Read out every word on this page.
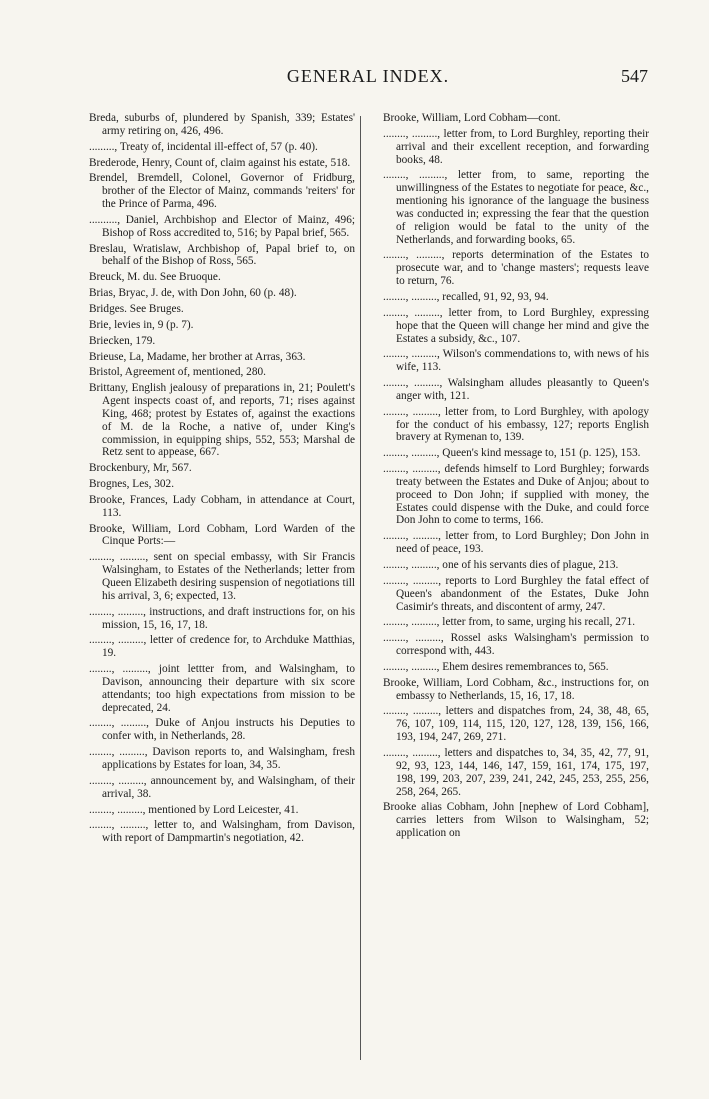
GENERAL INDEX.	547

Breda, suburbs of, plundered by Spanish, 339; Estates' army retiring on, 426, 496.

........., Treaty of, incidental ill-effect of, 57 (p. 40).

Brederode, Henry, Count of, claim against his estate, 518.

Brendel, Bremdell, Colonel, Governor of Fridburg, brother of the Elector of Mainz, commands 'reiters' for the Prince of Parma, 496.

.........., Daniel, Archbishop and Elector of Mainz, 496; Bishop of Ross accredited to, 516; by Papal brief, 565.

Breslau, Wratislaw, Archbishop of, Papal brief to, on behalf of the Bishop of Ross, 565.

Breuck, M. du. See Bruoque.

Brias, Bryac, J. de, with Don John, 60 (p. 48).

Bridges. See Bruges.

Brie, levies in, 9 (p. 7).

Briecken, 179.

Brieuse, La, Madame, her brother at Arras, 363.

Bristol, Agreement of, mentioned, 280.

Brittany, English jealousy of preparations in, 21; Poulett's Agent inspects coast of, and reports, 71; rises against King, 468; protest by Estates of, against the exactions of M. de la Roche, a native of, under King's commission, in equipping ships, 552, 553; Marshal de Retz sent to appease, 667.

Brockenbury, Mr, 567.

Brognes, Les, 302.

Brooke, Frances, Lady Cobham, in attendance at Court, 113.

Brooke, William, Lord Cobham, Lord Warden of the Cinque Ports:—

........, ........., sent on special embassy, with Sir Francis Walsingham, to Estates of the Netherlands; letter from Queen Elizabeth desiring suspension of negotiations till his arrival, 3, 6; expected, 13.

........, ........., instructions, and draft instructions for, on his mission, 15, 16, 17, 18.

........, ........., letter of credence for, to Archduke Matthias, 19.

........, ........., joint lettter from, and Walsingham, to Davison, announcing their departure with six score attendants; too high expectations from mission to be deprecated, 24.

........, ........., Duke of Anjou instructs his Deputies to confer with, in Netherlands, 28.

........, ........., Davison reports to, and Walsingham, fresh applications by Estates for loan, 34, 35.

........, ........., announcement by, and Walsingham, of their arrival, 38.

........, ........., mentioned by Lord Leicester, 41.

........, ........., letter to, and Walsingham, from Davison, with report of Dampmartin's negotiation, 42.

Brooke, William, Lord Cobham—cont.

........, ........., letter from, to Lord Burghley, reporting their arrival and their excellent reception, and forwarding books, 48.

........, ........., letter from, to same, reporting the unwillingness of the Estates to negotiate for peace, &c., mentioning his ignorance of the language the business was conducted in; expressing the fear that the question of religion would be fatal to the unity of the Netherlands, and forwarding books, 65.

........, ........., reports determination of the Estates to prosecute war, and to 'change masters'; requests leave to return, 76.

........, ........., recalled, 91, 92, 93, 94.

........, ........., letter from, to Lord Burghley, expressing hope that the Queen will change her mind and give the Estates a subsidy, &c., 107.

........, ........., Wilson's commendations to, with news of his wife, 113.

........, ........., Walsingham alludes pleasantly to Queen's anger with, 121.

........, ........., letter from, to Lord Burghley, with apology for the conduct of his embassy, 127; reports English bravery at Rymenan to, 139.

........, ........., Queen's kind message to, 151 (p. 125), 153.

........, ........., defends himself to Lord Burghley; forwards treaty between the Estates and Duke of Anjou; about to proceed to Don John; if supplied with money, the Estates could dispense with the Duke, and could force Don John to come to terms, 166.

........, ........., letter from, to Lord Burghley; Don John in need of peace, 193.

........, ........., one of his servants dies of plague, 213.

........, ........., reports to Lord Burghley the fatal effect of Queen's abandonment of the Estates, Duke John Casimir's threats, and discontent of army, 247.

........, ........., letter from, to same, urging his recall, 271.

........, ........., Rossel asks Walsingham's permission to correspond with, 443.

........, ........., Ehem desires remembrances to, 565.

Brooke, William, Lord Cobham, &c., instructions for, on embassy to Netherlands, 15, 16, 17, 18.

........, ........., letters and dispatches from, 24, 38, 48, 65, 76, 107, 109, 114, 115, 120, 127, 128, 139, 156, 166, 193, 194, 247, 269, 271.

........, ........., letters and dispatches to, 34, 35, 42, 77, 91, 92, 93, 123, 144, 146, 147, 159, 161, 174, 175, 197, 198, 199, 203, 207, 239, 241, 242, 245, 253, 255, 256, 258, 264, 265.

Brooke alias Cobham, John [nephew of Lord Cobham], carries letters from Wilson to Walsingham, 52; application on
